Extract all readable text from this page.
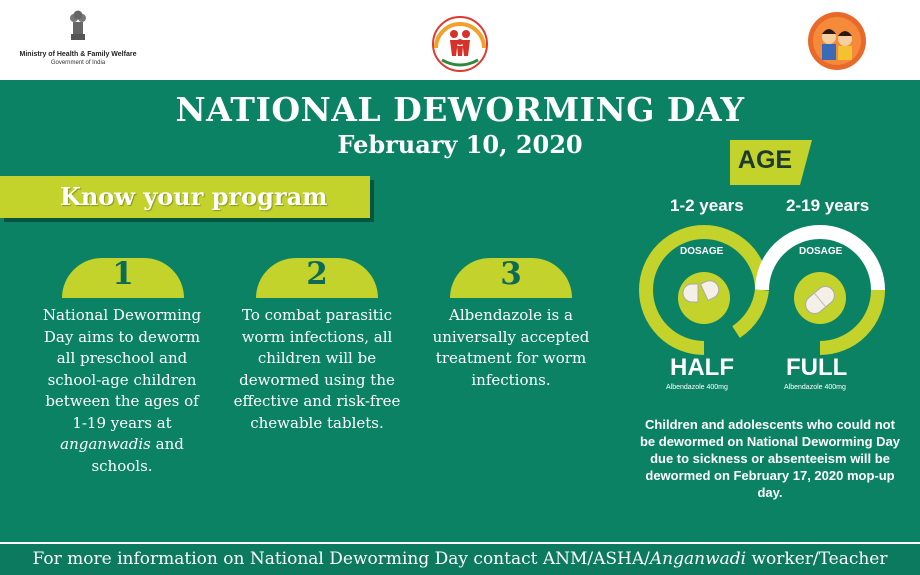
Ministry of Health & Family Welfare
Government of India
NATIONAL DEWORMING DAY
February 10, 2020
Know your program
1
National Deworming Day aims to deworm all preschool and school-age children between the ages of 1-19 years at anganwadis and schools.
2
To combat parasitic worm infections, all children will be dewormed using the effective and risk-free chewable tablets.
3
Albendazole is a universally accepted treatment for worm infections.
AGE
1-2 years 2-19 years
DOSAGE	DOSAGE
HALF FULL
Albendazole 400mg	Albendazole 400mg
Children and adolescents who could not be dewormed on National Deworming Day due to sickness or absenteeism will be dewormed on February 17, 2020 mop-up day.
For more information on National Deworming Day contact ANM/ASHA/Anganwadi worker/Teacher
